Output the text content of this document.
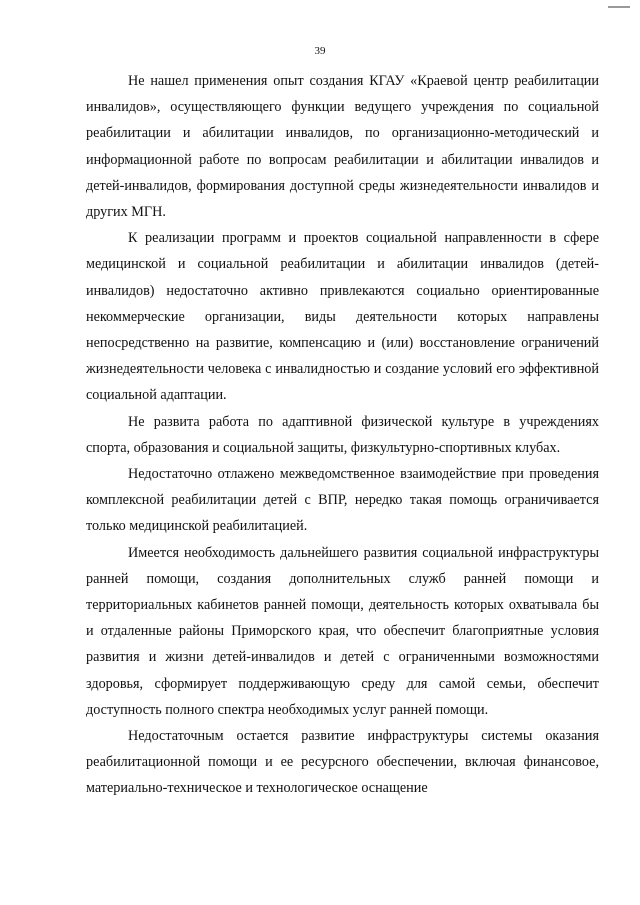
39

Не нашел применения опыт создания КГАУ «Краевой центр реабилитации инвалидов», осуществляющего функции ведущего учреждения по социальной реабилитации и абилитации инвалидов, по организационно-методический и информационной работе по вопросам реабилитации и абилитации инвалидов и детей-инвалидов, формирования доступной среды жизнедеятельности инвалидов и других МГН.

К реализации программ и проектов социальной направленности в сфере медицинской и социальной реабилитации и абилитации инвалидов (детей-инвалидов) недостаточно активно привлекаются социально ориентированные некоммерческие организации, виды деятельности которых направлены непосредственно на развитие, компенсацию и (или) восстановление ограничений жизнедеятельности человека с инвалидностью и создание условий его эффективной социальной адаптации.

Не развита работа по адаптивной физической культуре в учреждениях спорта, образования и социальной защиты, физкультурно-спортивных клубах.

Недостаточно отлажено межведомственное взаимодействие при проведения комплексной реабилитации детей с ВПР, нередко такая помощь ограничивается только медицинской реабилитацией.

Имеется необходимость дальнейшего развития социальной инфраструктуры ранней помощи, создания дополнительных служб ранней помощи и территориальных кабинетов ранней помощи, деятельность которых охватывала бы и отдаленные районы Приморского края, что обеспечит благоприятные условия развития и жизни детей-инвалидов и детей с ограниченными возможностями здоровья, сформирует поддерживающую среду для самой семьи, обеспечит доступность полного спектра необходимых услуг ранней помощи.

Недостаточным остается развитие инфраструктуры системы оказания реабилитационной помощи и ее ресурсного обеспечении, включая финансовое, материально-техническое и технологическое оснащение
